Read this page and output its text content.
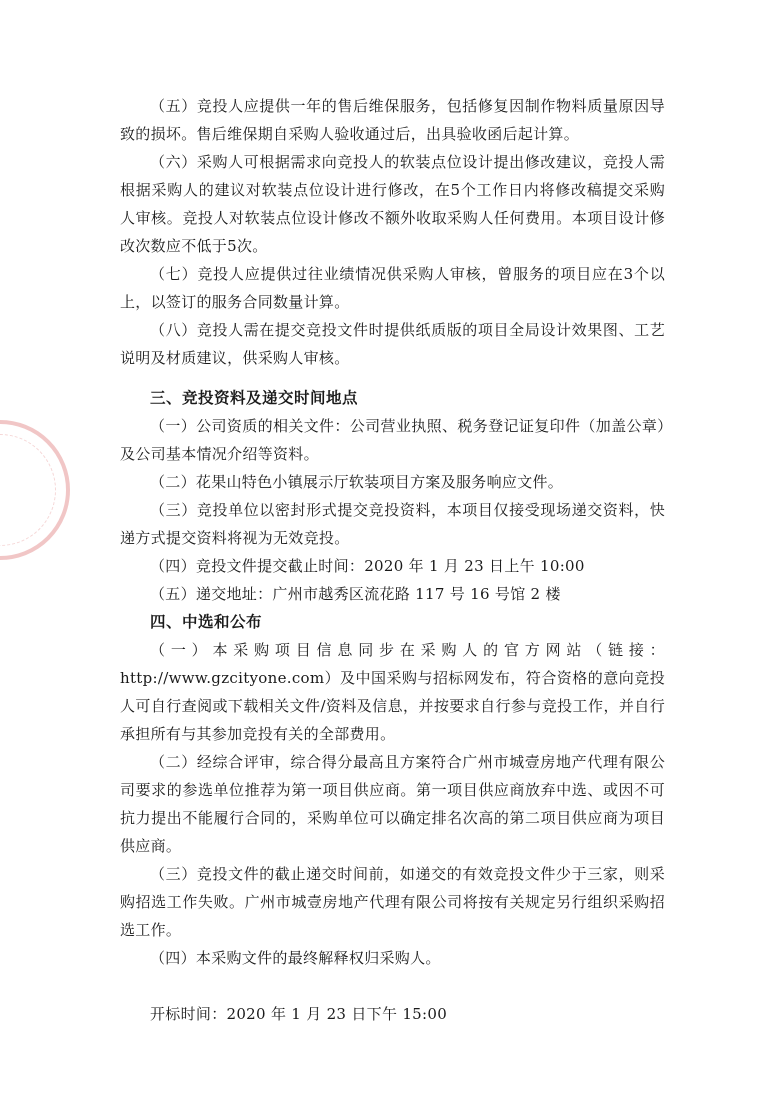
（五）竞投人应提供一年的售后维保服务，包括修复因制作物料质量原因导致的损坏。售后维保期自采购人验收通过后，出具验收函后起计算。

（六）采购人可根据需求向竞投人的软装点位设计提出修改建议，竞投人需根据采购人的建议对软装点位设计进行修改，在5个工作日内将修改稿提交采购人审核。竞投人对软装点位设计修改不额外收取采购人任何费用。本项目设计修改次数应不低于5次。

（七）竞投人应提供过往业绩情况供采购人审核，曾服务的项目应在3个以上，以签订的服务合同数量计算。

（八）竞投人需在提交竞投文件时提供纸质版的项目全局设计效果图、工艺说明及材质建议，供采购人审核。

三、竞投资料及递交时间地点

（一）公司资质的相关文件：公司营业执照、税务登记证复印件（加盖公章）及公司基本情况介绍等资料。

（二）花果山特色小镇展示厅软装项目方案及服务响应文件。

（三）竞投单位以密封形式提交竞投资料，本项目仅接受现场递交资料，快递方式提交资料将视为无效竞投。

（四）竞投文件提交截止时间：2020 年 1 月 23 日上午 10:00

（五）递交地址：广州市越秀区流花路 117 号 16 号馆 2 楼

四、中选和公布

（一）本采购项目信息同步在采购人的官方网站（链接：http://www.gzcityone.com）及中国采购与招标网发布，符合资格的意向竞投人可自行查阅或下载相关文件/资料及信息，并按要求自行参与竞投工作，并自行承担所有与其参加竞投有关的全部费用。

（二）经综合评审，综合得分最高且方案符合广州市城壹房地产代理有限公司要求的参选单位推荐为第一项目供应商。第一项目供应商放弃中选、或因不可抗力提出不能履行合同的，采购单位可以确定排名次高的第二项目供应商为项目供应商。

（三）竞投文件的截止递交时间前，如递交的有效竞投文件少于三家，则采购招选工作失败。广州市城壹房地产代理有限公司将按有关规定另行组织采购招选工作。

（四）本采购文件的最终解释权归采购人。

开标时间：2020 年 1 月 23 日下午 15:00
